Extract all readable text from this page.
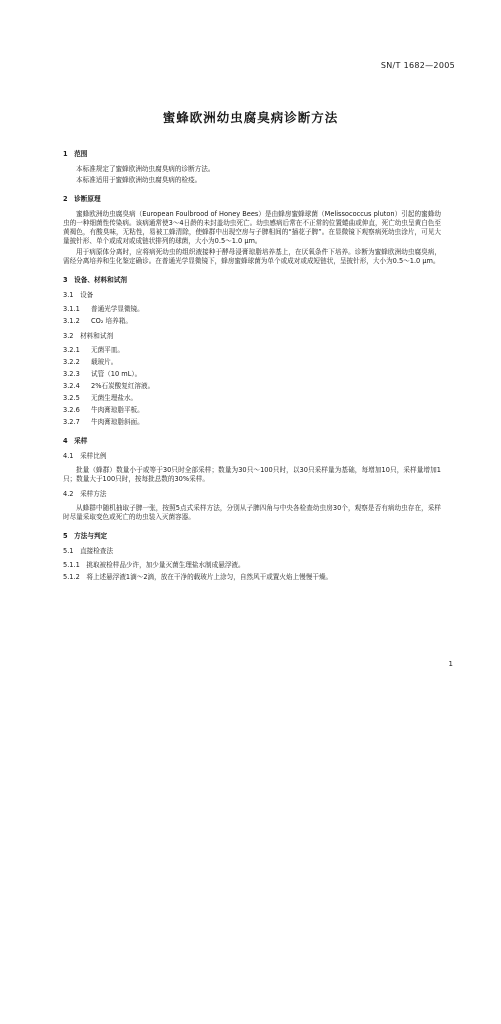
SN/T 1682—2005
蜜蜂欧洲幼虫腐臭病诊断方法
1　范围

本标准规定了蜜蜂欧洲幼虫腐臭病的诊断方法。

本标准适用于蜜蜂欧洲幼虫腐臭病的检疫。

2　诊断原理

蜜蜂欧洲幼虫腐臭病（European Foulbrood of Honey Bees）是由蜂房蜜蜂球菌（Melissococcus pluton）引起的蜜蜂幼虫的一种细菌性传染病。该病通常使3～4日龄的未封盖幼虫死亡。幼虫感病后常在不正常的位置蜷曲或伸直，死亡幼虫呈黄白色至黄褐色，有酸臭味，无粘性，易被工蜂清除，使蜂群中出现空房与子脾相间的“插花子脾”。在显微镜下观察病死幼虫涂片，可见大量披针形、单个或成对或成链状排列的球菌，大小为0.5～1.0 μm。

用于病原体分离时，应将病死幼虫的组织液接种于酵母浸膏琼脂培养基上，在厌氧条件下培养。诊断为蜜蜂欧洲幼虫腐臭病，需经分离培养和生化鉴定确诊。在普通光学显微镜下，蜂房蜜蜂球菌为单个或成对或成短链状，呈披针形，大小为0.5～1.0 μm。

3　设备、材料和试剂
3.1　设备
3.1.1 普通光学显微镜。
3.1.2 CO₂ 培养箱。
3.2　材料和试剂
3.2.1 无菌平皿。
3.2.2 载玻片。
3.2.3 试管（10 mL）。
3.2.4 2%石炭酸复红溶液。
3.2.5 无菌生理盐水。
3.2.6 牛肉膏琼脂平板。
3.2.7 牛肉膏琼脂斜面。
4　采样
4.1　采样比例

批量（蜂群）数量小于或等于30只时全部采样；数量为30只～100只时，以30只采样量为基础，每增加10只，采样量增加1只；数量大于100只时，按每批总数的30%采样。

4.2　采样方法

从蜂群中随机抽取子脾一张，按照5点式采样方法，分别从子脾四角与中央各检查幼虫房30个，观察是否有病幼虫存在，采样时尽量采取变色或死亡的幼虫装入灭菌容器。

5　方法与判定
5.1　直接检查法
5.1.1　挑取被检样品少许，加少量灭菌生理盐水制成悬浮液。
5.1.2　将上述悬浮液1滴～2滴，放在干净的载玻片上涂匀，自然风干或置火焰上慢慢干燥。
1
